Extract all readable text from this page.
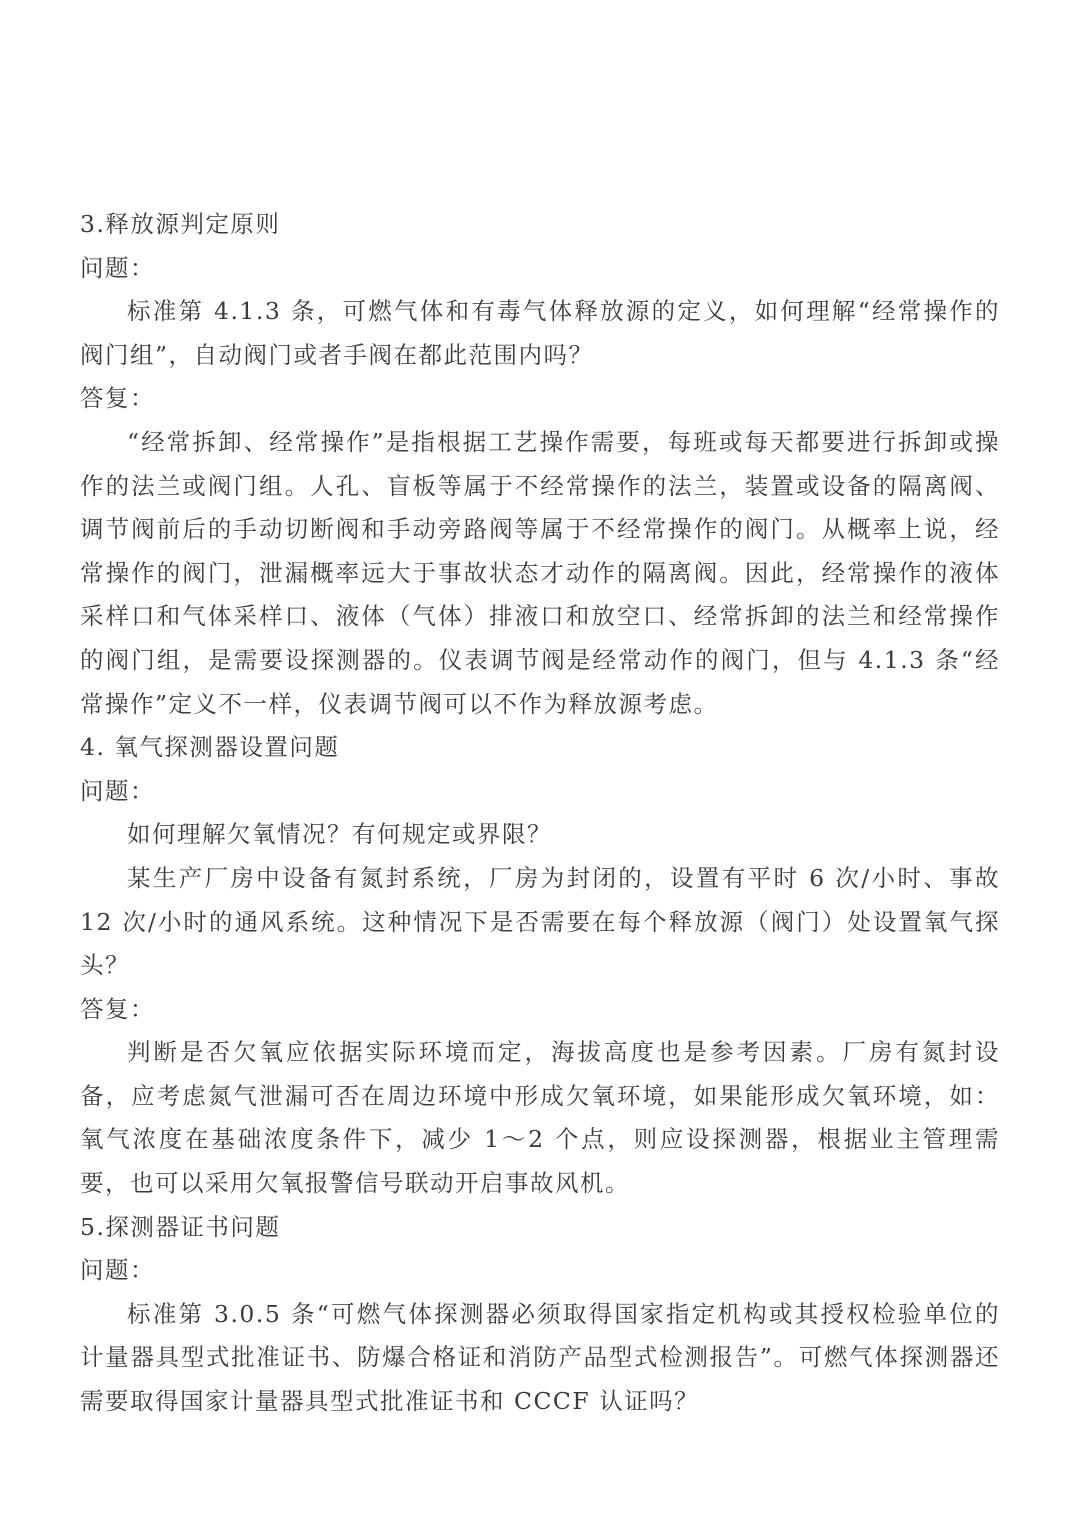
3.释放源判定原则

问题：

标准第 4.1.3 条，可燃气体和有毒气体释放源的定义，如何理解“经常操作的阀门组”，自动阀门或者手阀在都此范围内吗？

答复：

“经常拆卸、经常操作”是指根据工艺操作需要，每班或每天都要进行拆卸或操作的法兰或阀门组。人孔、盲板等属于不经常操作的法兰，装置或设备的隔离阀、调节阀前后的手动切断阀和手动旁路阀等属于不经常操作的阀门。从概率上说，经常操作的阀门，泄漏概率远大于事故状态才动作的隔离阀。因此，经常操作的液体采样口和气体采样口、液体（气体）排液口和放空口、经常拆卸的法兰和经常操作的阀门组，是需要设探测器的。仪表调节阀是经常动作的阀门，但与 4.1.3 条“经常操作”定义不一样，仪表调节阀可以不作为释放源考虑。

4. 氧气探测器设置问题

问题：

如何理解欠氧情况？有何规定或界限？

某生产厂房中设备有氮封系统，厂房为封闭的，设置有平时 6 次/小时、事故 12 次/小时的通风系统。这种情况下是否需要在每个释放源（阀门）处设置氧气探头？

答复：

判断是否欠氧应依据实际环境而定，海拔高度也是参考因素。厂房有氮封设备，应考虑氮气泄漏可否在周边环境中形成欠氧环境，如果能形成欠氧环境，如：氧气浓度在基础浓度条件下，减少 1～2 个点，则应设探测器，根据业主管理需要，也可以采用欠氧报警信号联动开启事故风机。

5.探测器证书问题

问题：

标准第 3.0.5 条“可燃气体探测器必须取得国家指定机构或其授权检验单位的计量器具型式批准证书、防爆合格证和消防产品型式检测报告”。可燃气体探测器还需要取得国家计量器具型式批准证书和 CCCF 认证吗？
